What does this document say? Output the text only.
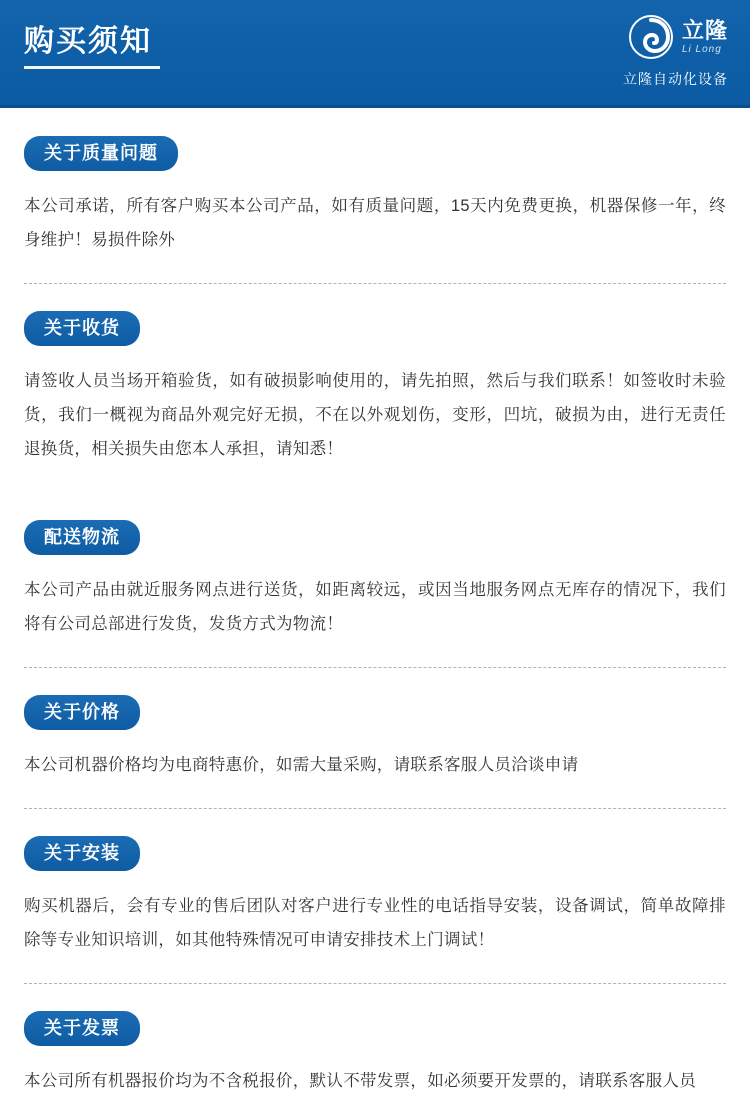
购买须知	立隆
Li Long
立隆自动化设备
关于质量问题

本公司承诺，所有客户购买本公司产品，如有质量问题，15天内免费更换，机器保修一年，终身维护！易损件除外

关于收货

请签收人员当场开箱验货，如有破损影响使用的，请先拍照，然后与我们联系！如签收时未验货，我们一概视为商品外观完好无损，不在以外观划伤，变形，凹坑，破损为由，进行无责任退换货，相关损失由您本人承担，请知悉！

配送物流

本公司产品由就近服务网点进行送货，如距离较远，或因当地服务网点无库存的情况下，我们将有公司总部进行发货，发货方式为物流！

关于价格

本公司机器价格均为电商特惠价，如需大量采购，请联系客服人员洽谈申请

关于安装

购买机器后，会有专业的售后团队对客户进行专业性的电话指导安装，设备调试，简单故障排除等专业知识培训，如其他特殊情况可申请安排技术上门调试！

关于发票

本公司所有机器报价均为不含税报价，默认不带发票，如必须要开发票的，请联系客服人员
